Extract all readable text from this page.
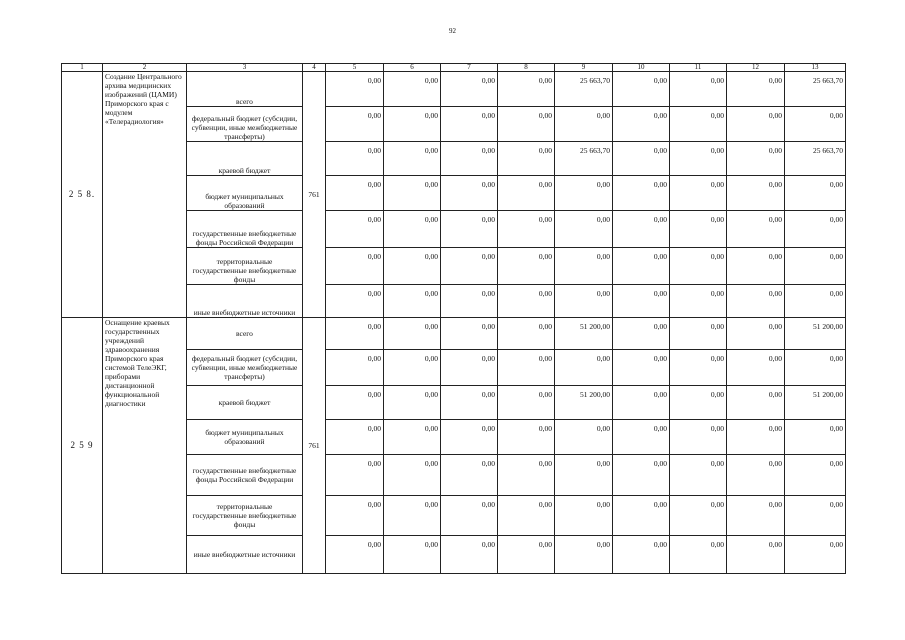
92
1	2	3	4	5	6	7	8	9	10	11	12	13
2 5 8.	Создание Центрального архива медицинских изображений (ЦАМИ) Приморского края с модулем «Телерадиология»	всего	761	0,00	0,00	0,00	0,00	25 663,70	0,00	0,00	0,00	25 663,70
		федеральный бюджет (субсидии, субвенции, иные межбюджетные трансферты)		0,00	0,00	0,00	0,00	0,00	0,00	0,00	0,00	0,00
		краевой бюджет		0,00	0,00	0,00	0,00	25 663,70	0,00	0,00	0,00	25 663,70
		бюджет муниципальных образований		0,00	0,00	0,00	0,00	0,00	0,00	0,00	0,00	0,00
		государственные внебюджетные фонды Российской Федерации		0,00	0,00	0,00	0,00	0,00	0,00	0,00	0,00	0,00
		территориальные государственные внебюджетные фонды		0,00	0,00	0,00	0,00	0,00	0,00	0,00	0,00	0,00
		иные внебюджетные источники		0,00	0,00	0,00	0,00	0,00	0,00	0,00	0,00	0,00
2 5 9	Оснащение краевых государственных учреждений здравоохранения Приморского края системой ТелеЭКГ, приборами дистанционной функциональной диагностики	всего	761	0,00	0,00	0,00	0,00	51 200,00	0,00	0,00	0,00	51 200,00
		федеральный бюджет (субсидии, субвенции, иные межбюджетные трансферты)		0,00	0,00	0,00	0,00	0,00	0,00	0,00	0,00	0,00
		краевой бюджет		0,00	0,00	0,00	0,00	51 200,00	0,00	0,00	0,00	51 200,00
		бюджет муниципальных образований		0,00	0,00	0,00	0,00	0,00	0,00	0,00	0,00	0,00
		государственные внебюджетные фонды Российской Федерации		0,00	0,00	0,00	0,00	0,00	0,00	0,00	0,00	0,00
		территориальные государственные внебюджетные фонды		0,00	0,00	0,00	0,00	0,00	0,00	0,00	0,00	0,00
		иные внебюджетные источники		0,00	0,00	0,00	0,00	0,00	0,00	0,00	0,00	0,00
